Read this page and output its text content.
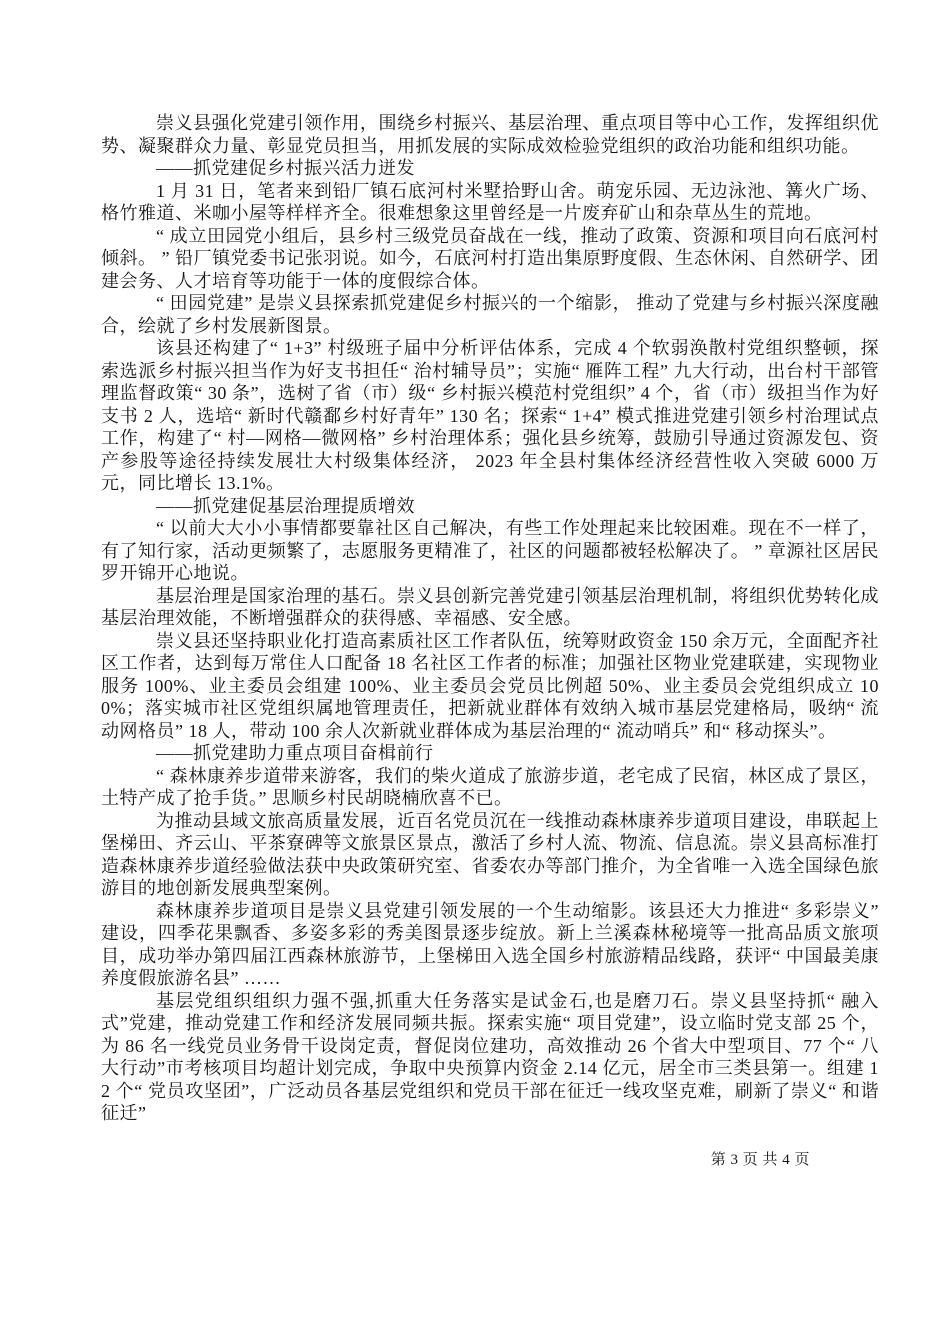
崇义县强化党建引领作用，围绕乡村振兴、基层治理、重点项目等中心工作，发挥组织优势、凝聚群众力量、彰显党员担当，用抓发展的实际成效检验党组织的政治功能和组织功能。

——抓党建促乡村振兴活力迸发

1 月 31 日，笔者来到铅厂镇石底河村米墅拾野山舍。萌宠乐园、无边泳池、篝火广场、格竹雅道、米咖小屋等样样齐全。很难想象这里曾经是一片废弃矿山和杂草丛生的荒地。

“ 成立田园党小组后，县乡村三级党员奋战在一线，推动了政策、资源和项目向石底河村倾斜。 ” 铅厂镇党委书记张羽说。如今，石底河村打造出集原野度假、生态休闲、自然研学、团建会务、人才培育等功能于一体的度假综合体。

“ 田园党建” 是崇义县探索抓党建促乡村振兴的一个缩影， 推动了党建与乡村振兴深度融合，绘就了乡村发展新图景。

该县还构建了“ 1+3” 村级班子届中分析评估体系，完成 4 个软弱涣散村党组织整顿，探索选派乡村振兴担当作为好支书担任“ 治村辅导员”；实施“ 雁阵工程” 九大行动，出台村干部管理监督政策“ 30 条”，选树了省（市）级“ 乡村振兴模范村党组织” 4 个，省（市）级担当作为好支书 2 人，选培“ 新时代赣鄱乡村好青年” 130 名；探索“ 1+4” 模式推进党建引领乡村治理试点工作，构建了“ 村—网格—微网格” 乡村治理体系；强化县乡统筹，鼓励引导通过资源发包、资产参股等途径持续发展壮大村级集体经济， 2023 年全县村集体经济经营性收入突破 6000 万元，同比增长 13.1%。

——抓党建促基层治理提质增效

“ 以前大大小小事情都要靠社区自己解决，有些工作处理起来比较困难。现在不一样了，有了知行家，活动更频繁了，志愿服务更精准了，社区的问题都被轻松解决了。 ” 章源社区居民罗开锦开心地说。

基层治理是国家治理的基石。崇义县创新完善党建引领基层治理机制，将组织优势转化成基层治理效能，不断增强群众的获得感、幸福感、安全感。

崇义县还坚持职业化打造高素质社区工作者队伍，统筹财政资金 150 余万元，全面配齐社区工作者，达到每万常住人口配备 18 名社区工作者的标准；加强社区物业党建联建，实现物业服务 100%、业主委员会组建 100%、业主委员会党员比例超 50%、业主委员会党组织成立 100%；落实城市社区党组织属地管理责任，把新就业群体有效纳入城市基层党建格局，吸纳“ 流动网格员” 18 人，带动 100 余人次新就业群体成为基层治理的“ 流动哨兵” 和“ 移动探头”。

——抓党建助力重点项目奋楫前行

“ 森林康养步道带来游客，我们的柴火道成了旅游步道，老宅成了民宿，林区成了景区，土特产成了抢手货。” 思顺乡村民胡晓楠欣喜不已。

为推动县域文旅高质量发展，近百名党员沉在一线推动森林康养步道项目建设，串联起上堡梯田、齐云山、平茶寮碑等文旅景区景点，激活了乡村人流、物流、信息流。崇义县高标准打造森林康养步道经验做法获中央政策研究室、省委农办等部门推介，为全省唯一入选全国绿色旅游目的地创新发展典型案例。

森林康养步道项目是崇义县党建引领发展的一个生动缩影。该县还大力推进“ 多彩崇义” 建设，四季花果飘香、多姿多彩的秀美图景逐步绽放。新上兰溪森林秘境等一批高品质文旅项目，成功举办第四届江西森林旅游节，上堡梯田入选全国乡村旅游精品线路，获评“ 中国最美康养度假旅游名县” ……

基层党组织组织力强不强,抓重大任务落实是试金石,也是磨刀石。崇义县坚持抓“ 融入式”党建，推动党建工作和经济发展同频共振。探索实施“ 项目党建”，设立临时党支部 25 个，为 86 名一线党员业务骨干设岗定责，督促岗位建功，高效推动 26 个省大中型项目、77 个“ 八大行动”市考核项目均超计划完成，争取中央预算内资金 2.14 亿元，居全市三类县第一。组建 12 个“ 党员攻坚团”，广泛动员各基层党组织和党员干部在征迁一线攻坚克难，刷新了崇义“ 和谐征迁”

第 3 页 共 4 页
